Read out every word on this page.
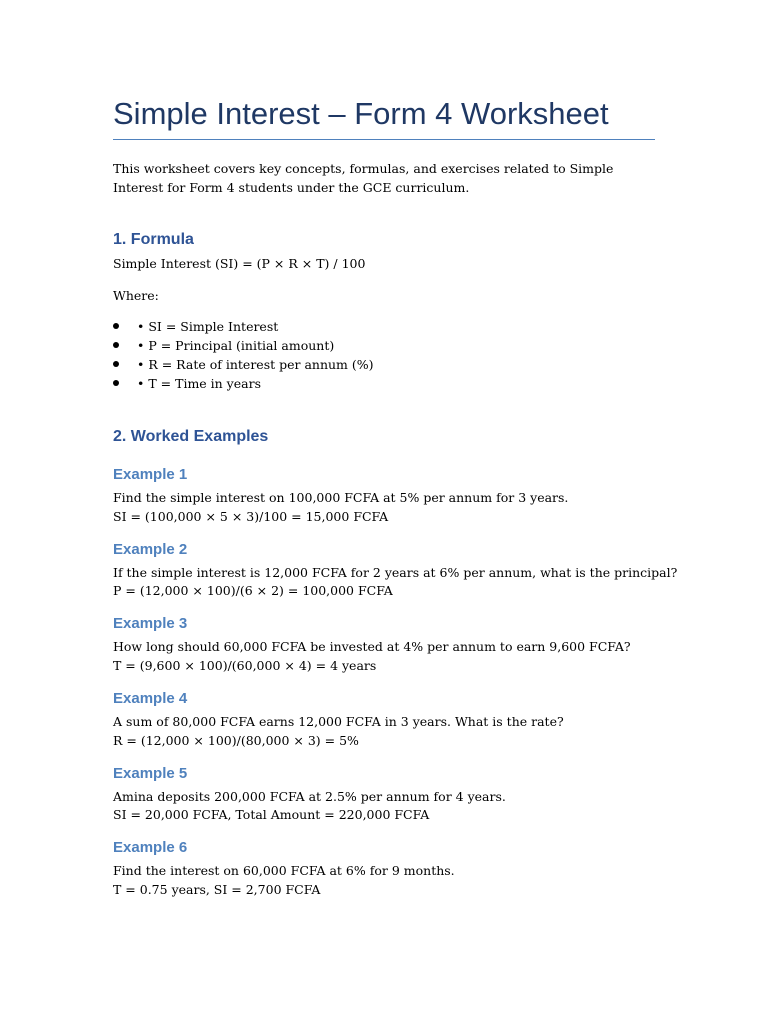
Simple Interest – Form 4 Worksheet
This worksheet covers key concepts, formulas, and exercises related to Simple Interest for Form 4 students under the GCE curriculum.
1. Formula
Simple Interest (SI) = (P × R × T) / 100
Where:
• SI = Simple Interest
• P = Principal (initial amount)
• R = Rate of interest per annum (%)
• T = Time in years
2. Worked Examples
Example 1
Find the simple interest on 100,000 FCFA at 5% per annum for 3 years.
SI = (100,000 × 5 × 3)/100 = 15,000 FCFA
Example 2
If the simple interest is 12,000 FCFA for 2 years at 6% per annum, what is the principal?
P = (12,000 × 100)/(6 × 2) = 100,000 FCFA
Example 3
How long should 60,000 FCFA be invested at 4% per annum to earn 9,600 FCFA?
T = (9,600 × 100)/(60,000 × 4) = 4 years
Example 4
A sum of 80,000 FCFA earns 12,000 FCFA in 3 years. What is the rate?
R = (12,000 × 100)/(80,000 × 3) = 5%
Example 5
Amina deposits 200,000 FCFA at 2.5% per annum for 4 years.
SI = 20,000 FCFA, Total Amount = 220,000 FCFA
Example 6
Find the interest on 60,000 FCFA at 6% for 9 months.
T = 0.75 years, SI = 2,700 FCFA
